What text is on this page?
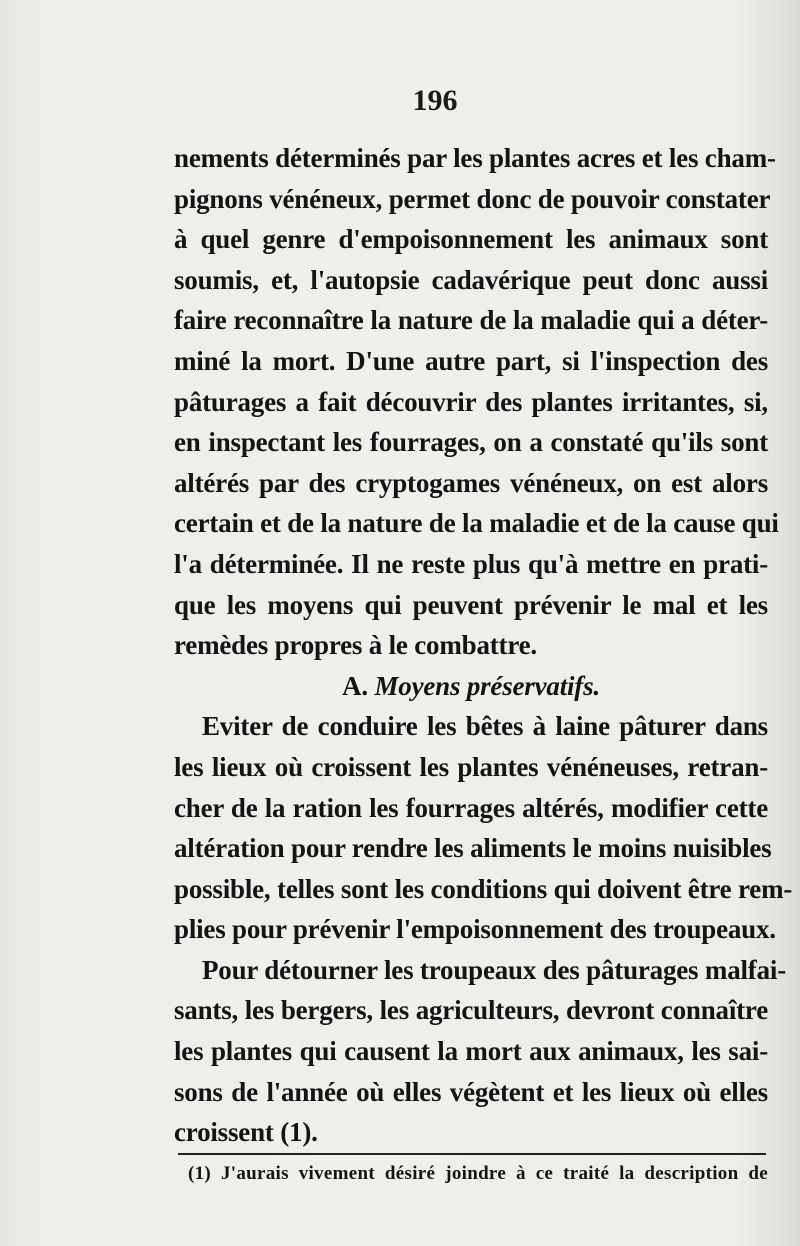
196
nements déterminés par les plantes acres et les cham-
pignons vénéneux, permet donc de pouvoir constater
à quel genre d'empoisonnement les animaux sont
soumis, et, l'autopsie cadavérique peut donc aussi
faire reconnaître la nature de la maladie qui a déter-
miné la mort. D'une autre part, si l'inspection des
pâturages a fait découvrir des plantes irritantes, si,
en inspectant les fourrages, on a constaté qu'ils sont
altérés par des cryptogames vénéneux, on est alors
certain et de la nature de la maladie et de la cause qui
l'a déterminée. Il ne reste plus qu'à mettre en prati-
que les moyens qui peuvent prévenir le mal et les
remèdes propres à le combattre.
A. Moyens préservatifs.
Eviter de conduire les bêtes à laine pâturer dans
les lieux où croissent les plantes vénéneuses, retran-
cher de la ration les fourrages altérés, modifier cette
altération pour rendre les aliments le moins nuisibles
possible, telles sont les conditions qui doivent être rem-
plies pour prévenir l'empoisonnement des troupeaux.
Pour détourner les troupeaux des pâturages malfai-
sants, les bergers, les agriculteurs, devront connaître
les plantes qui causent la mort aux animaux, les sai-
sons de l'année où elles végètent et les lieux où elles
croissent (1).
(1) J'aurais vivement désiré joindre à ce traité la description de
